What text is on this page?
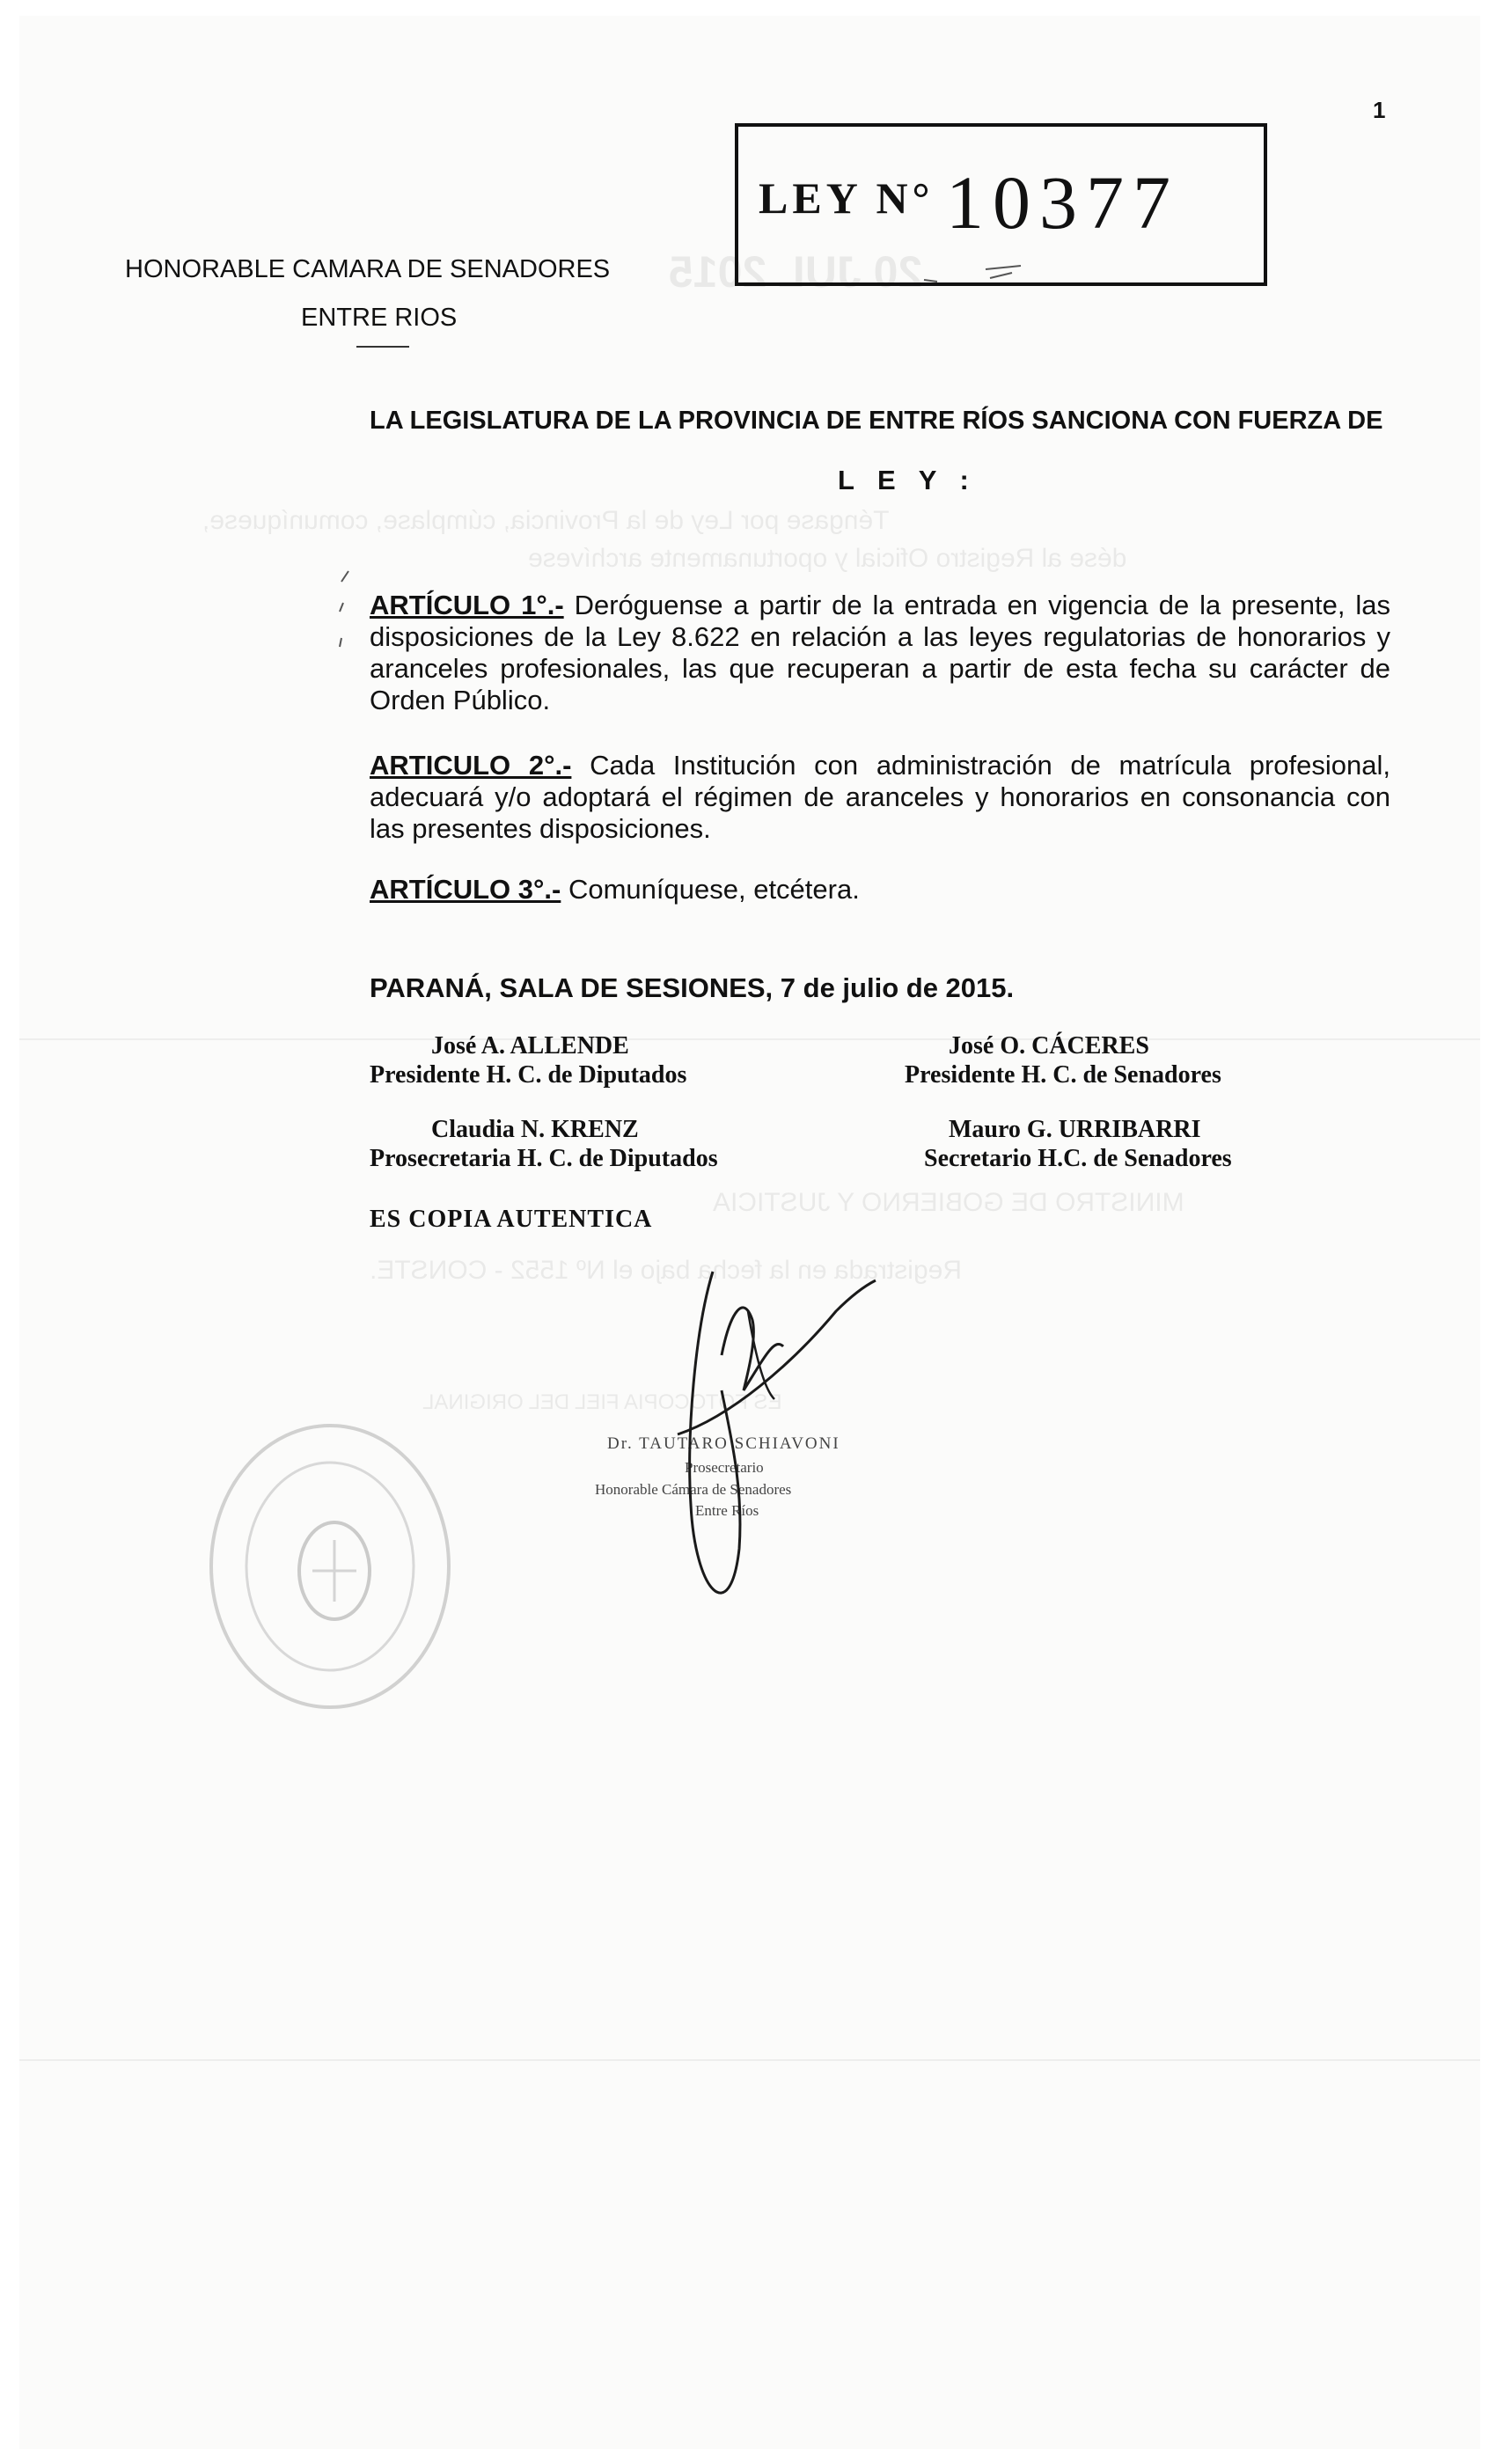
20 JUL 2015
Téngase por Ley de la Provincia, cúmplase, comuníquese,
dése al Registro Oficial y oportunamente archívese
MINISTRO DE GOBIERNO Y JUSTICIA
Registrada en la fecha bajo el Nº 1552 - CONSTE.
ES FOTOCOPIA FIEL DEL ORIGINAL
1
LEY N° 10377
HONORABLE CAMARA DE SENADORES
ENTRE RIOS
LA LEGISLATURA DE LA PROVINCIA DE ENTRE RÍOS SANCIONA CON FUERZA DE
L E Y :
ARTÍCULO 1°.- Deróguense a partir de la entrada en vigencia de la presente, las disposiciones de la Ley 8.622 en relación a las leyes regulatorias de honorarios y aranceles profesionales, las que recuperan a partir de esta fecha su carácter de Orden Público.
ARTICULO 2°.- Cada Institución con administración de matrícula profesional, adecuará y/o adoptará el régimen de aranceles y honorarios en consonancia con las presentes disposiciones.
ARTÍCULO 3°.- Comuníquese, etcétera.
PARANÁ, SALA DE SESIONES, 7 de julio de 2015.
José A. ALLENDE
Presidente H. C. de Diputados
José O. CÁCERES
Presidente H. C. de Senadores
Claudia N. KRENZ
Prosecretaria H. C. de Diputados
Mauro G. URRIBARRI
Secretario H.C. de Senadores
ES COPIA AUTENTICA
Dr. TAUTARO SCHIAVONI
Prosecretario
Honorable Cámara de Senadores
Entre Ríos
